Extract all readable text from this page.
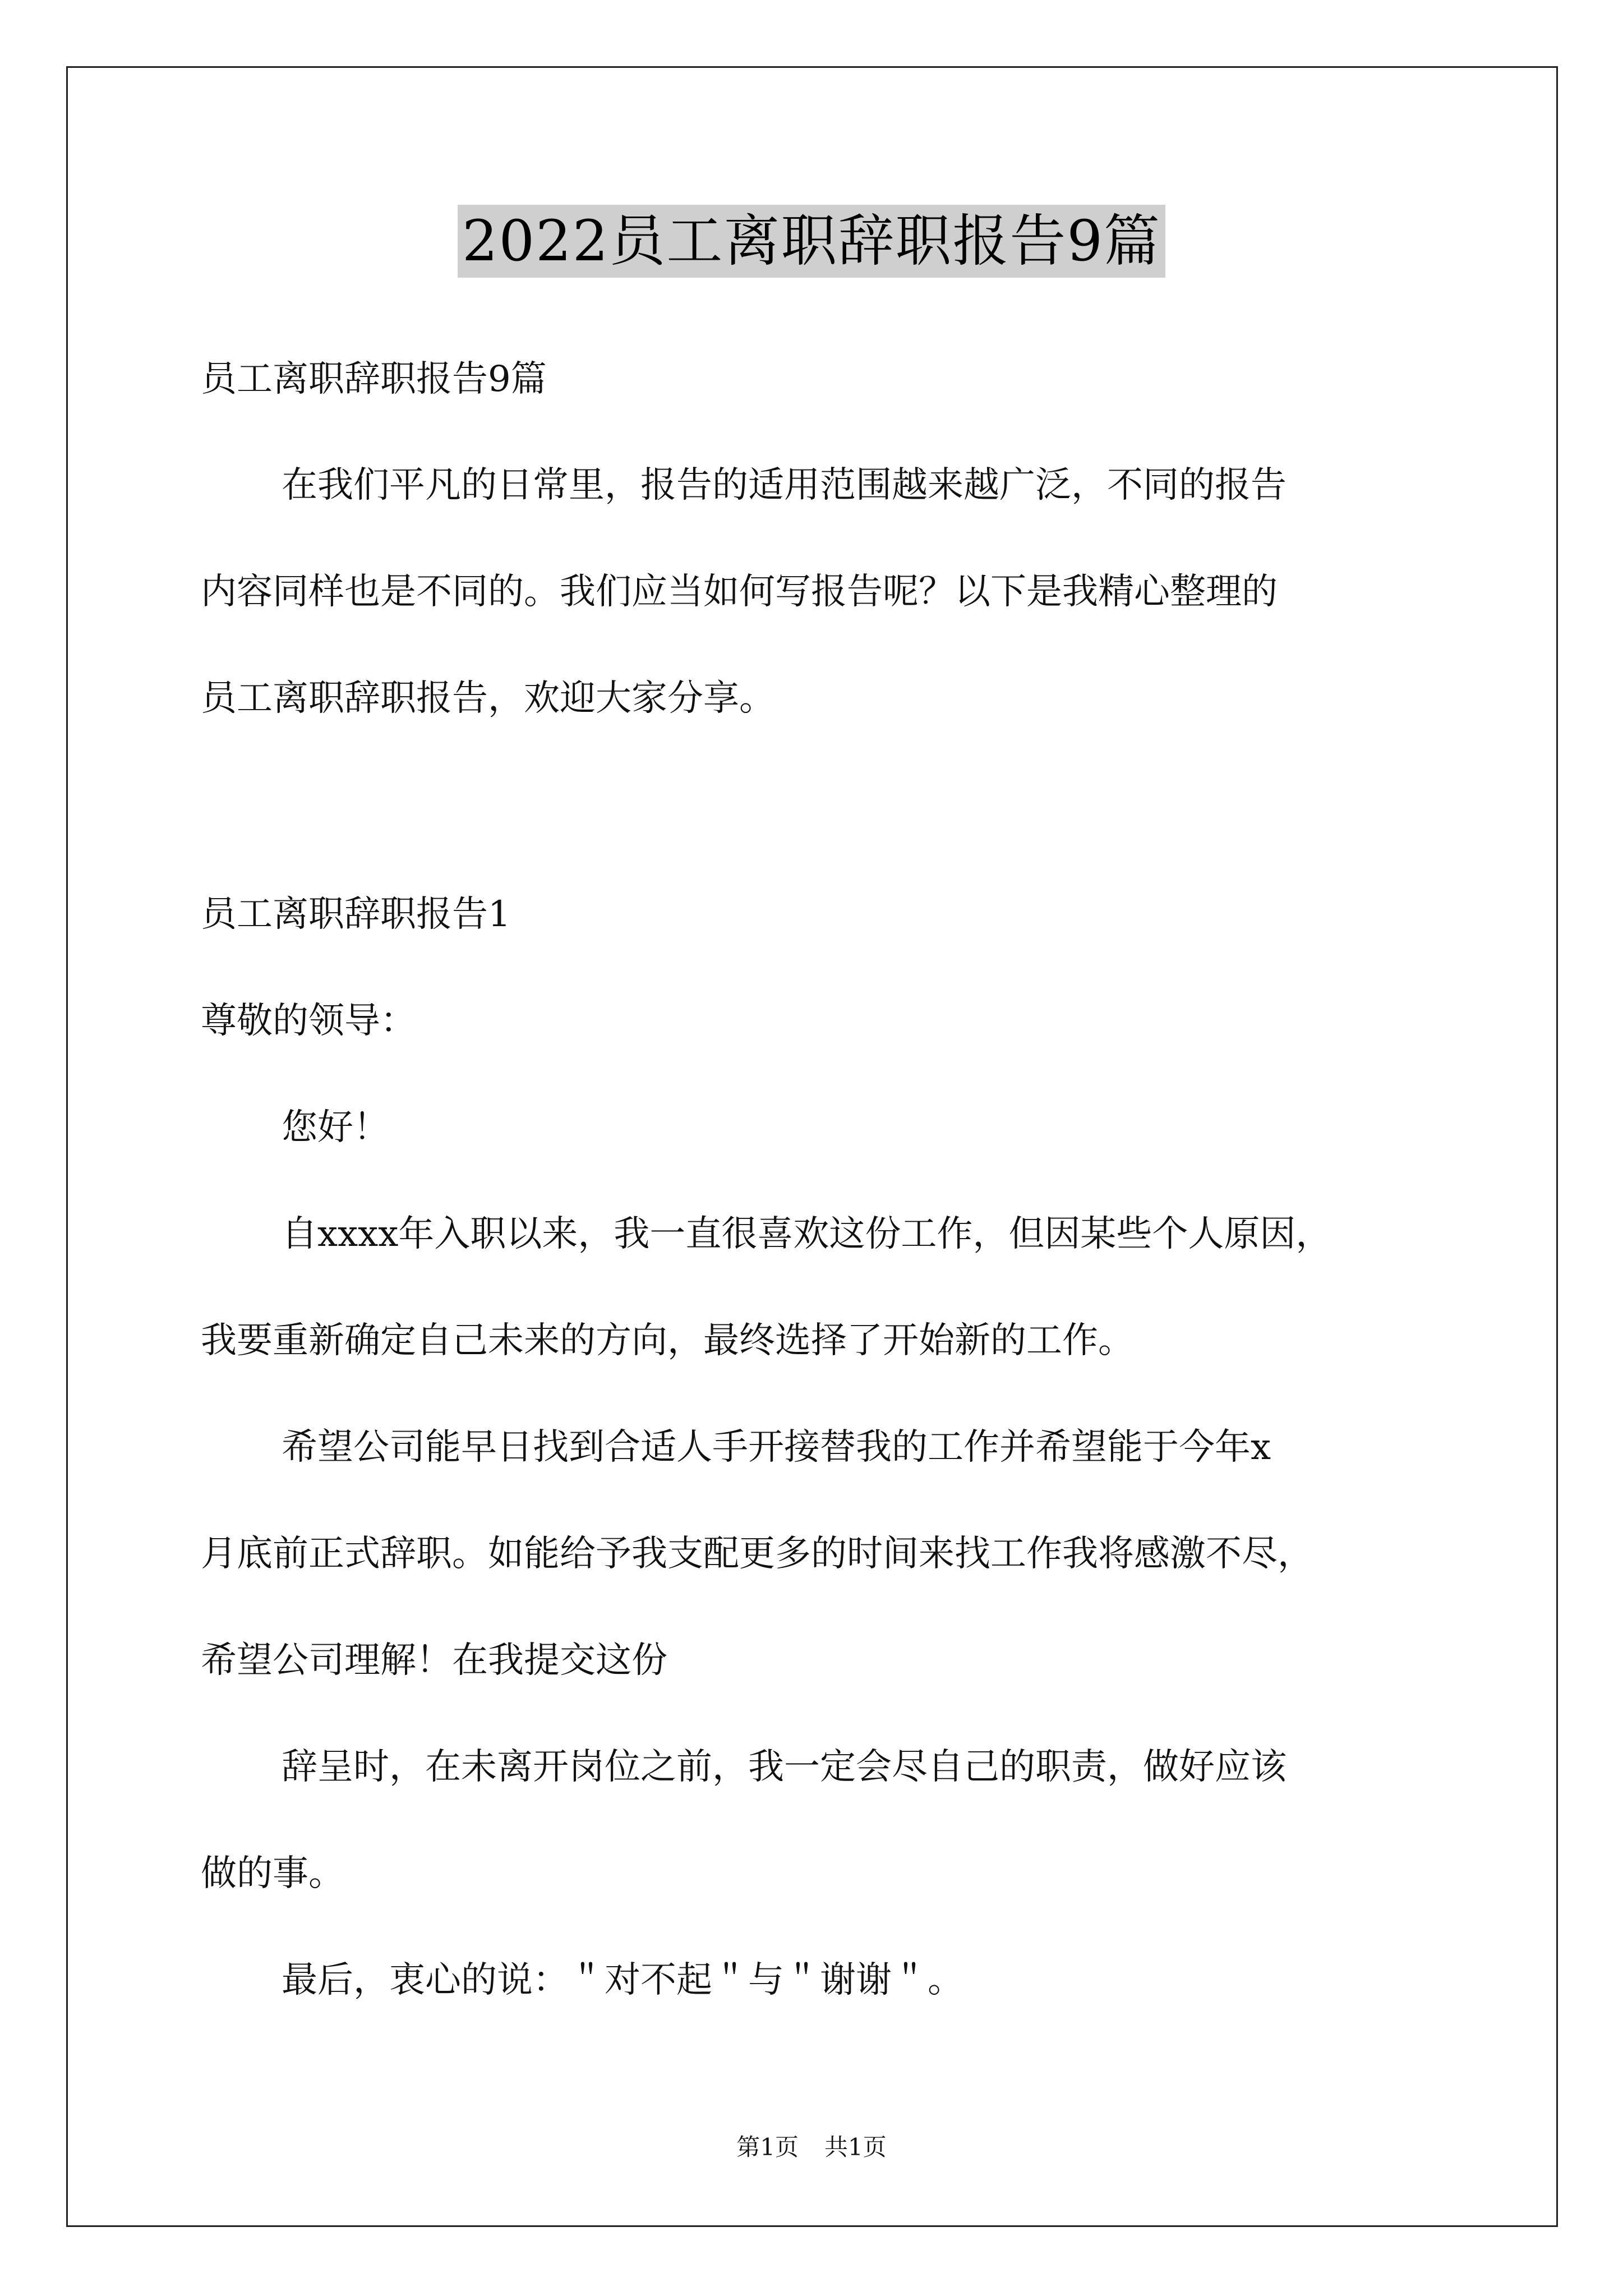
2022员工离职辞职报告9篇
员工离职辞职报告9篇
在我们平凡的日常里，报告的适用范围越来越广泛，不同的报告
内容同样也是不同的。我们应当如何写报告呢？以下是我精心整理的
员工离职辞职报告，欢迎大家分享。
员工离职辞职报告1
尊敬的领导：
您好！
自xxxx年入职以来，我一直很喜欢这份工作，但因某些个人原因，
我要重新确定自己未来的方向，最终选择了开始新的工作。
希望公司能早日找到合适人手开接替我的工作并希望能于今年x
月底前正式辞职。如能给予我支配更多的时间来找工作我将感激不尽，
希望公司理解！在我提交这份
辞呈时，在未离开岗位之前，我一定会尽自己的职责，做好应该
做的事。
最后，衷心的说：＂对不起＂与＂谢谢＂。
第1页 共1页
